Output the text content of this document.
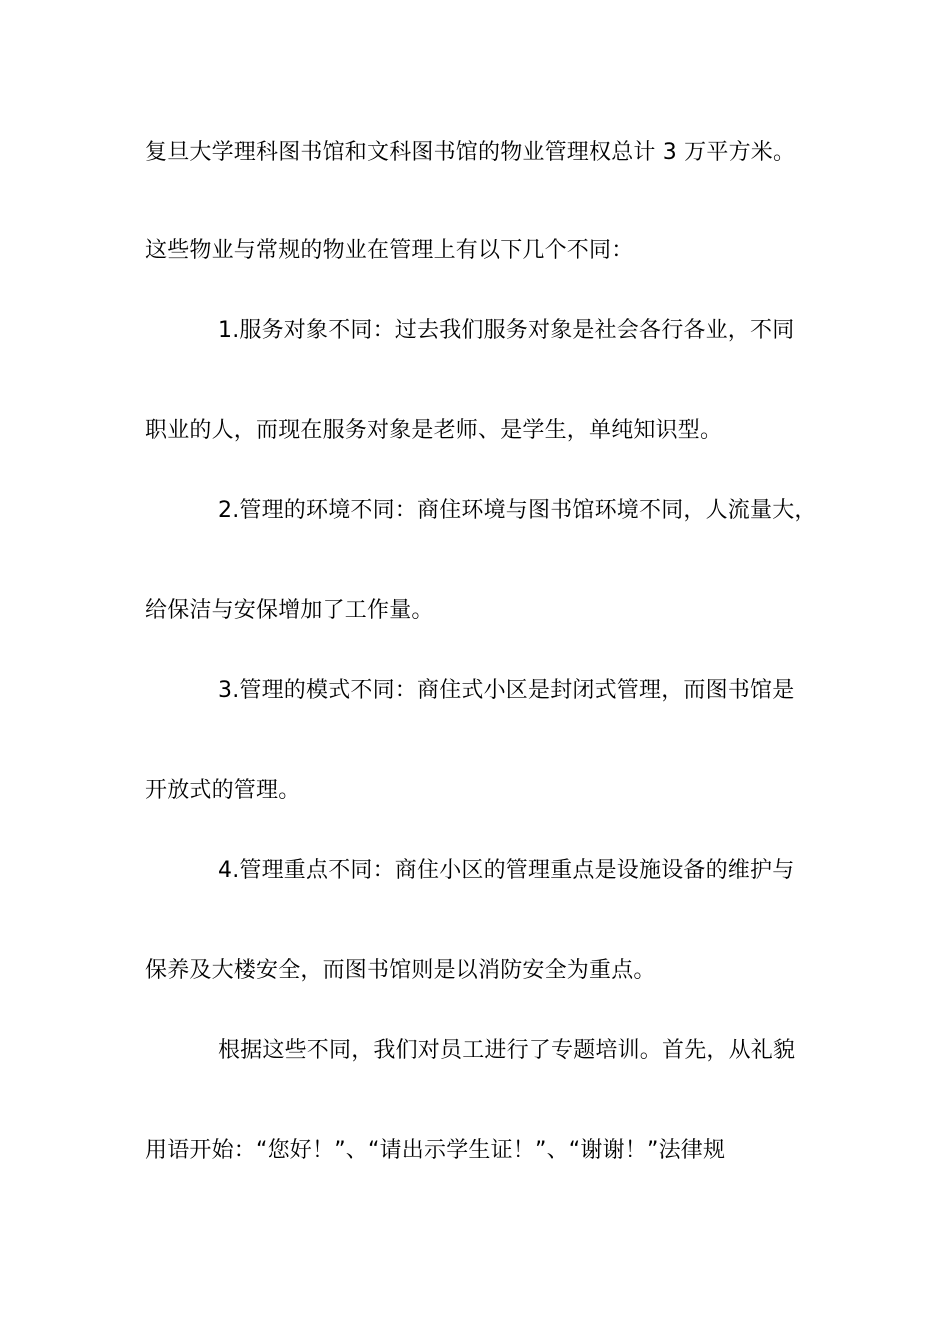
复旦大学理科图书馆和文科图书馆的物业管理权总计 3 万平方米。
这些物业与常规的物业在管理上有以下几个不同：
1.服务对象不同：过去我们服务对象是社会各行各业，不同
职业的人，而现在服务对象是老师、是学生，单纯知识型。
2.管理的环境不同：商住环境与图书馆环境不同，人流量大，
给保洁与安保增加了工作量。
3.管理的模式不同：商住式小区是封闭式管理，而图书馆是
开放式的管理。
4.管理重点不同：商住小区的管理重点是设施设备的维护与
保养及大楼安全，而图书馆则是以消防安全为重点。
根据这些不同，我们对员工进行了专题培训。首先，从礼貌
用语开始：“您好！”、“请出示学生证！”、“谢谢！”法律规
